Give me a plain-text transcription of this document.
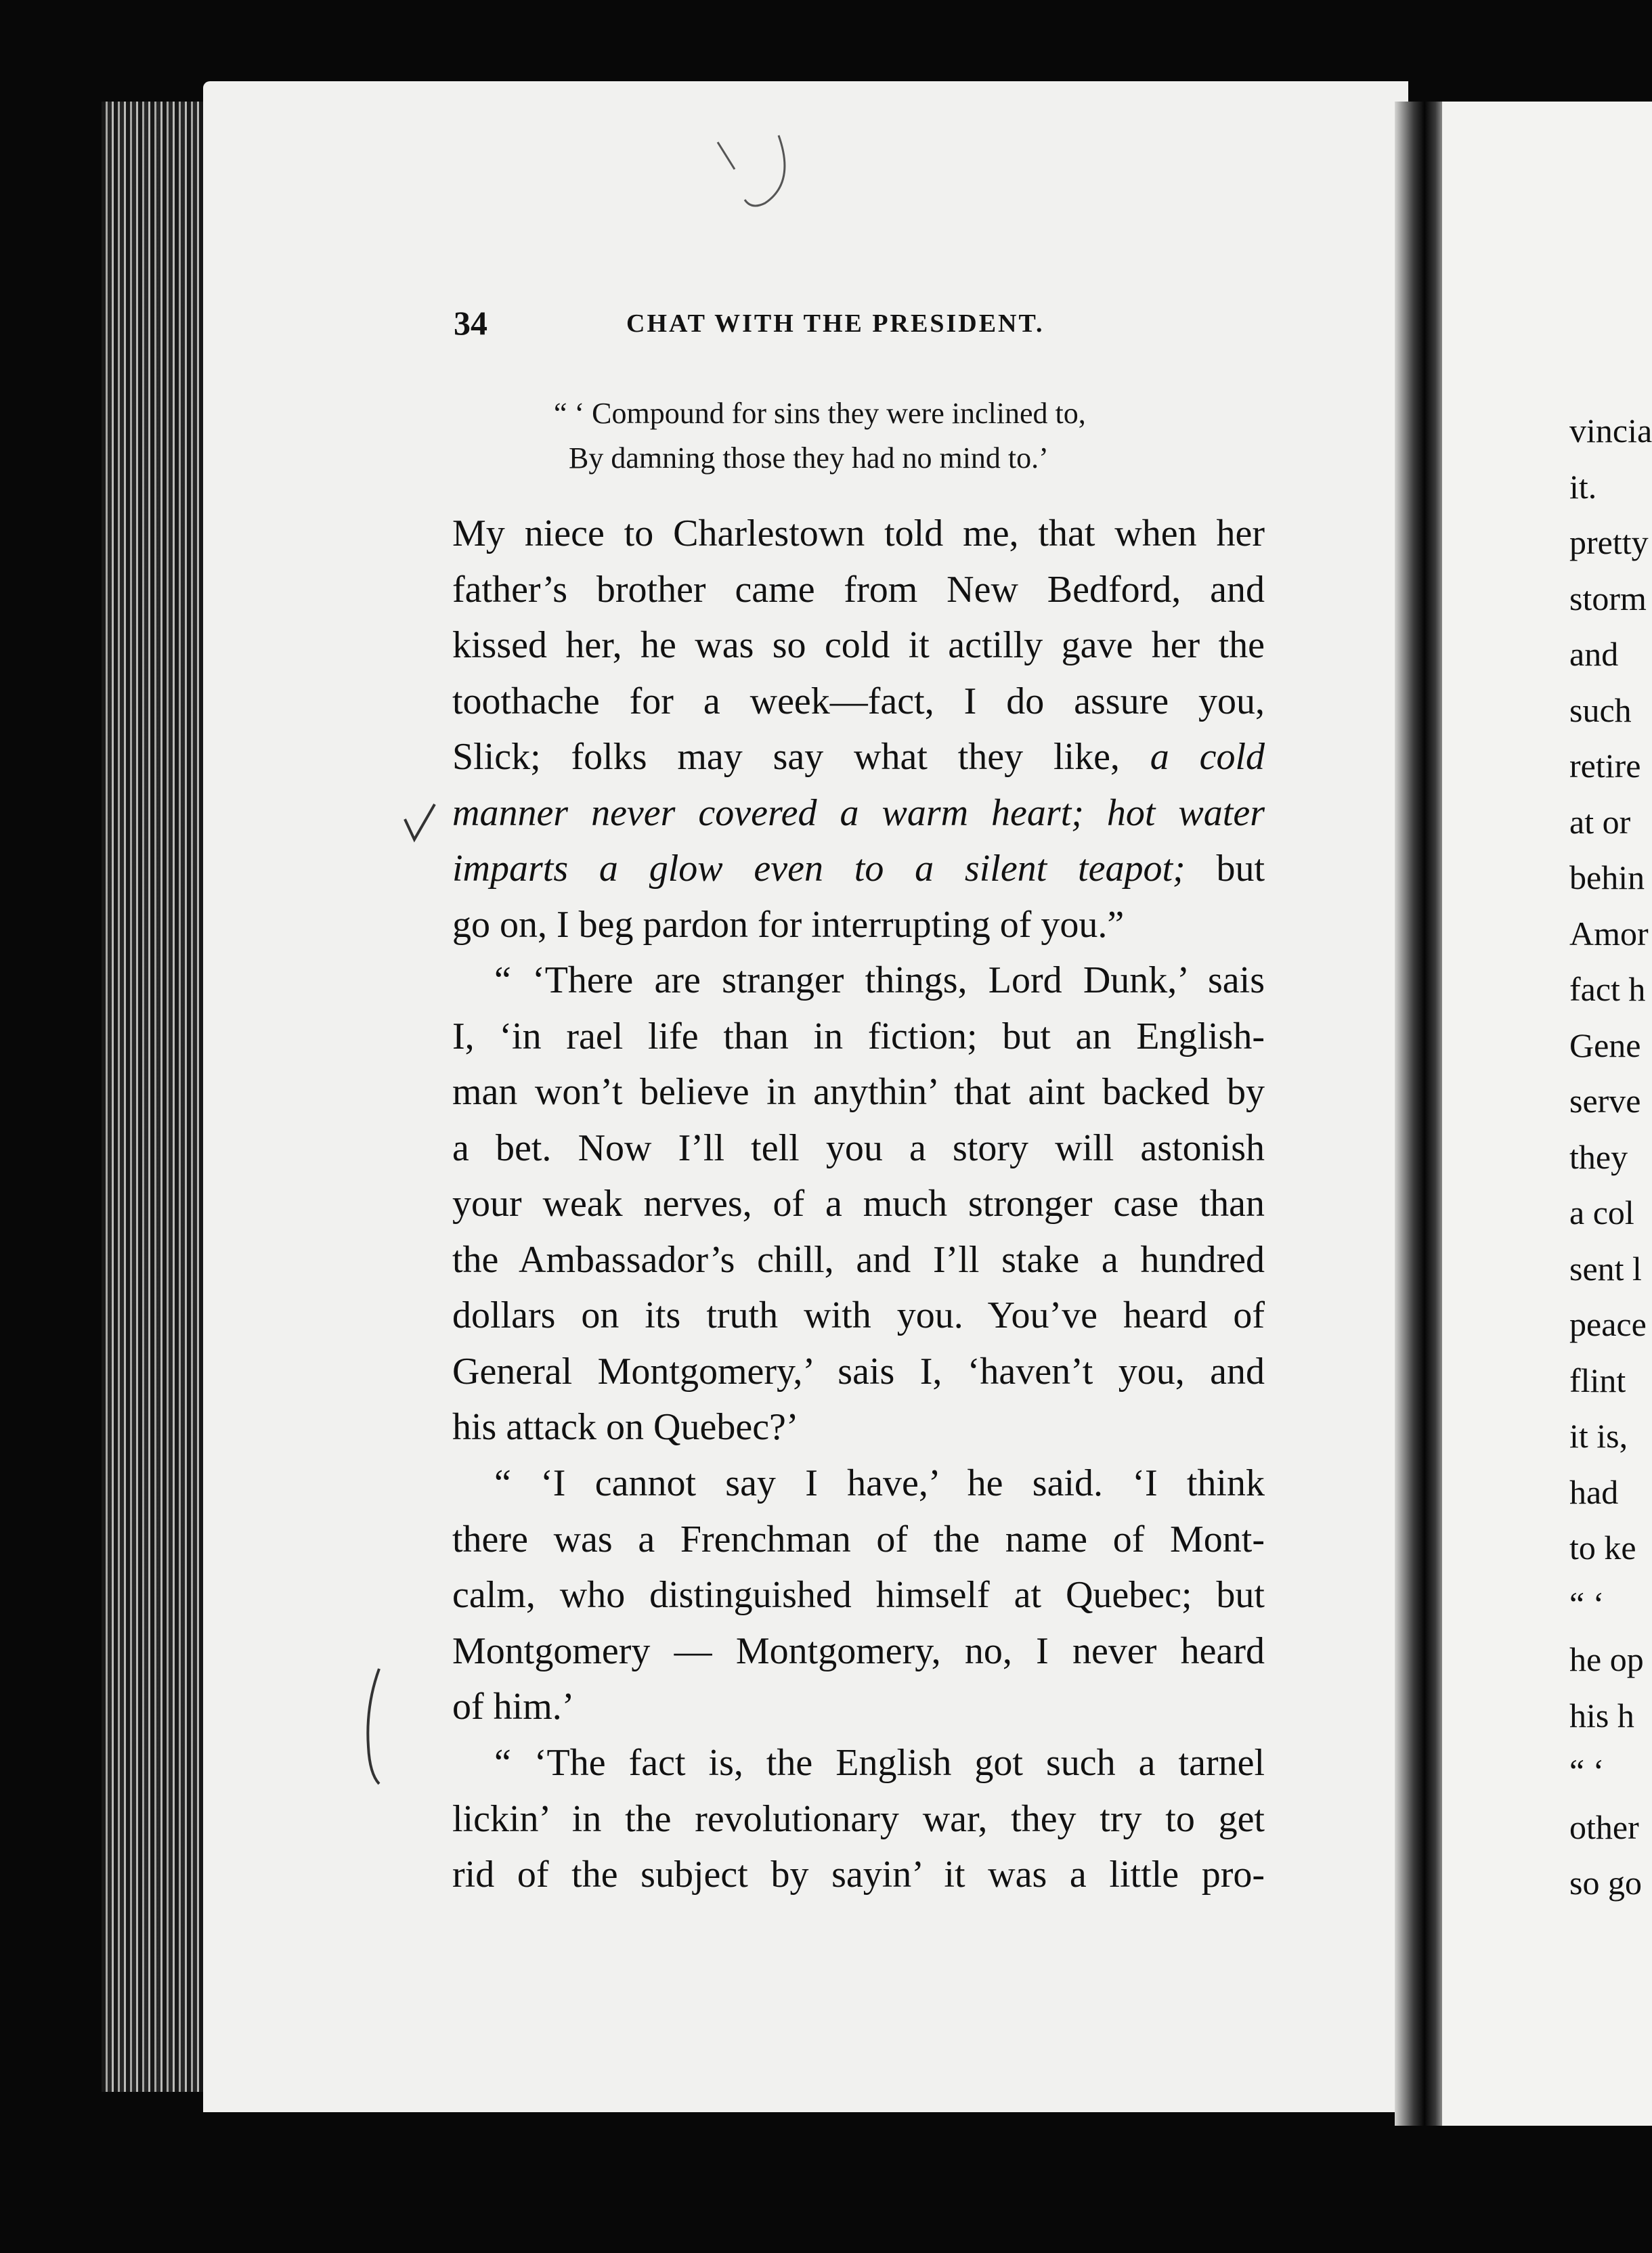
34	CHAT WITH THE PRESIDENT.
“ ‘ Compound for sins they were inclined to,
By damning those they had no mind to.’
My niece to Charlestown told me, that when her
father’s brother came from New Bedford, and
kissed her, he was so cold it actilly gave her the
toothache for a week—fact, I do assure you,
Slick; folks may say what they like, a cold
manner never covered a warm heart; hot water
imparts a glow even to a silent teapot; but
go on, I beg pardon for interrupting of you.”
“ ‘There are stranger things, Lord Dunk,’ sais
I, ‘in rael life than in fiction; but an English-
man won’t believe in anythin’ that aint backed by
a bet. Now I’ll tell you a story will astonish
your weak nerves, of a much stronger case than
the Ambassador’s chill, and I’ll stake a hundred
dollars on its truth with you. You’ve heard of
General Montgomery,’ sais I, ‘haven’t you, and
his attack on Quebec?’
“ ‘I cannot say I have,’ he said. ‘I think
there was a Frenchman of the name of Mont-
calm, who distinguished himself at Quebec; but
Montgomery — Montgomery, no, I never heard
of him.’
“ ‘The fact is, the English got such a tarnel
lickin’ in the revolutionary war, they try to get
rid of the subject by sayin’ it was a little pro-
vincia
it.
pretty
storm
and
such
retire
at or
behin
Amor
fact h
Gene
serve
they
a col
sent l
peace
flint
it is,
had
to ke
“ ‘
he op
his h
“ ‘
other
so go
